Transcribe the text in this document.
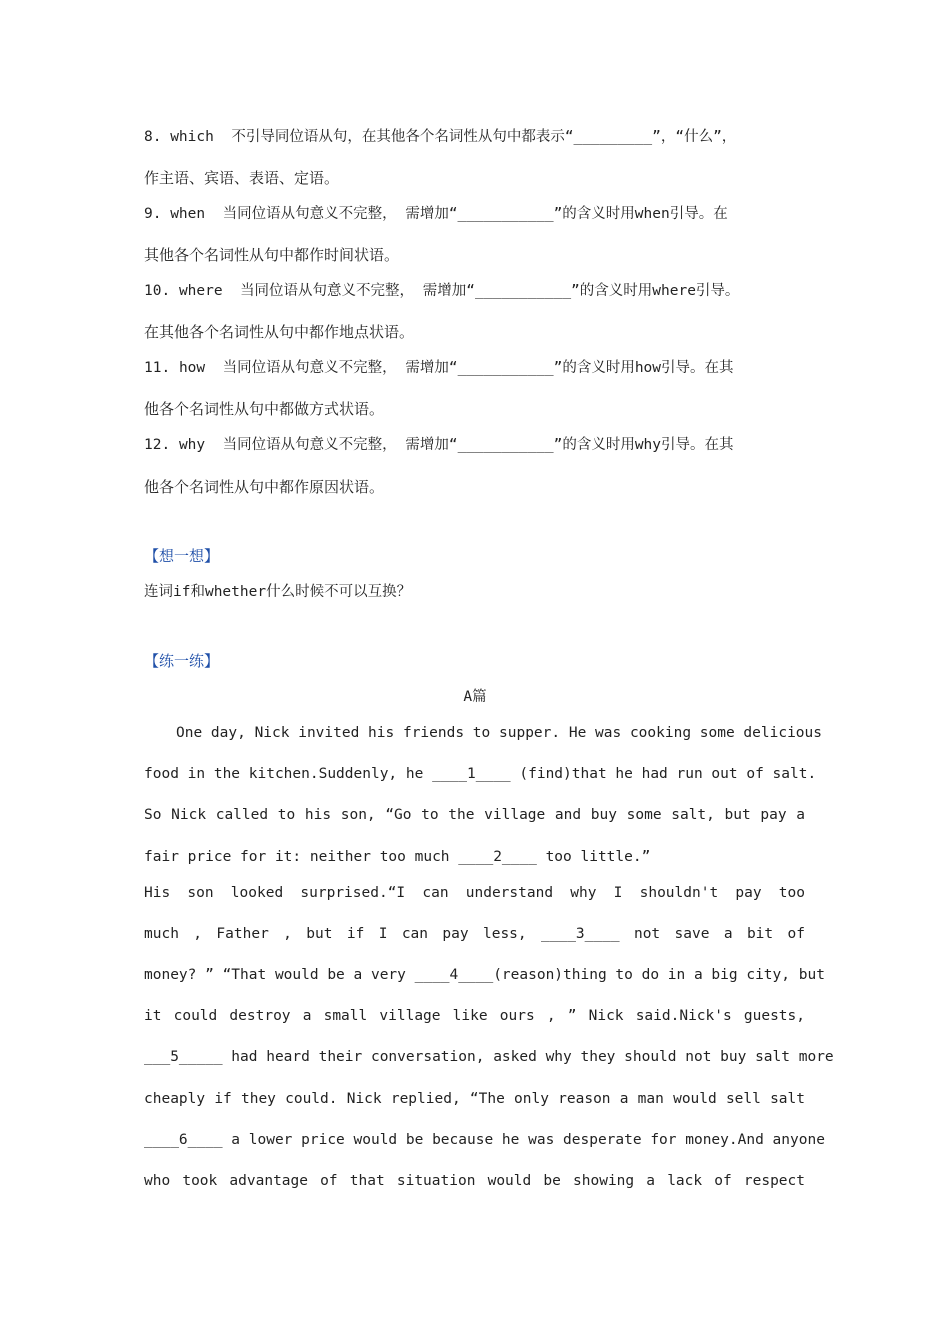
8. which 不引导同位语从句，在其他各个名词性从句中都表示“_________”，“什么”，
作主语、宾语、表语、定语。
9. when 当同位语从句意义不完整， 需增加“___________”的含义时用when引导。在
其他各个名词性从句中都作时间状语。
10. where 当同位语从句意义不完整， 需增加“___________”的含义时用where引导。
在其他各个名词性从句中都作地点状语。
11. how 当同位语从句意义不完整， 需增加“___________”的含义时用how引导。在其
他各个名词性从句中都做方式状语。
12. why 当同位语从句意义不完整， 需增加“___________”的含义时用why引导。在其
他各个名词性从句中都作原因状语。
【想一想】
连词if和whether什么时候不可以互换？
【练一练】
A篇
One day, Nick invited his friends to supper. He was cooking some delicious
food in the kitchen.Suddenly, he ____1____ (find)that he had run out of salt.
So Nick called to his son, “Go to the village and buy some salt, but pay a
fair price for it: neither too much ____2____ too little.”
His son looked surprised.“I can understand why I shouldn't pay too
much , Father , but if I can pay less, ____3____ not save a bit of
money? ” “That would be a very ____4____(reason)thing to do in a big city, but
it could destroy a small village like ours , ” Nick said.Nick's guests,
___5_____ had heard their conversation, asked why they should not buy salt more
cheaply if they could. Nick replied, “The only reason a man would sell salt
____6____ a lower price would be because he was desperate for money.And anyone
who took advantage of that situation would be showing a lack of respect
